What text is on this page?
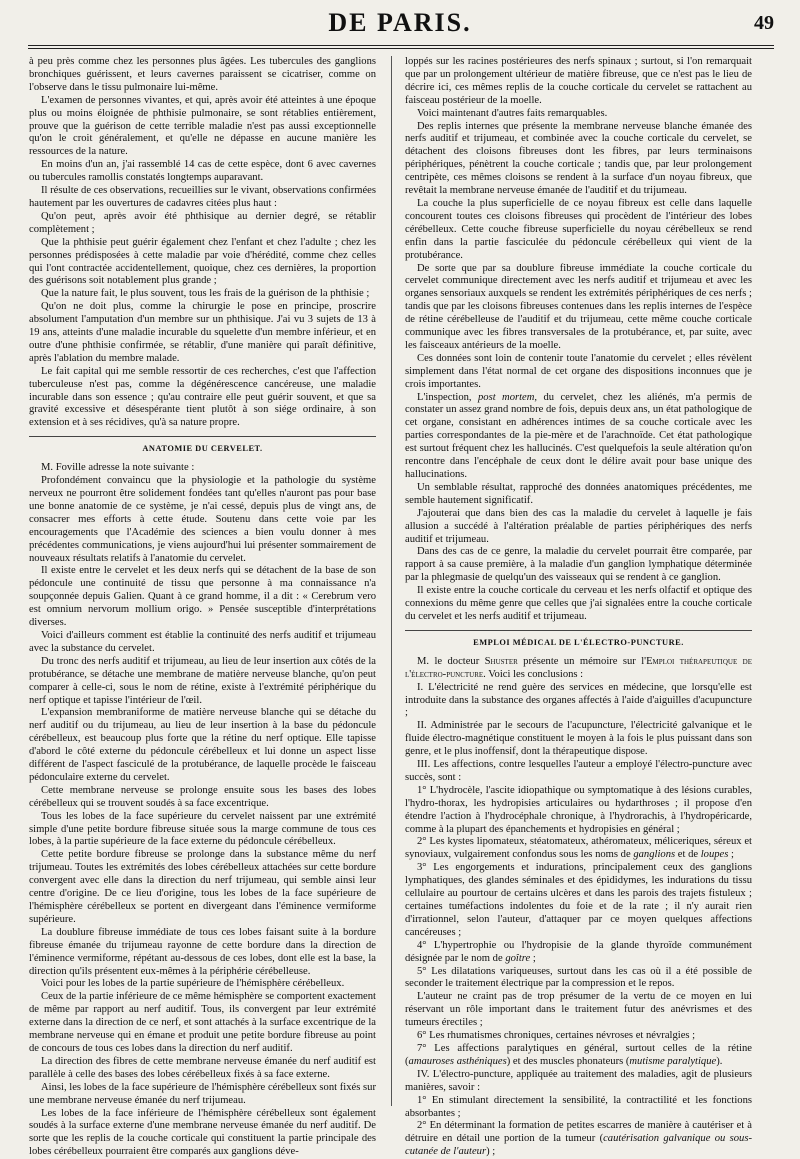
DE PARIS.	49

à peu près comme chez les personnes plus âgées. Les tubercules des ganglions bronchiques guérissent, et leurs cavernes paraissent se cicatriser, comme on l'observe dans le tissu pulmonaire lui-même.

L'examen de personnes vivantes, et qui, après avoir été atteintes à une époque plus ou moins éloignée de phthisie pulmonaire, se sont rétablies entièrement, prouve que la guérison de cette terrible maladie n'est pas aussi exceptionnelle qu'on le croit généralement, et qu'elle ne dépasse en aucune manière les ressources de la nature.

En moins d'un an, j'ai rassemblé 14 cas de cette espèce, dont 6 avec cavernes ou tubercules ramollis constatés longtemps auparavant.

Il résulte de ces observations, recueillies sur le vivant, observations confirmées hautement par les ouvertures de cadavres citées plus haut :

Qu'on peut, après avoir été phthisique au dernier degré, se rétablir complètement ;

Que la phthisie peut guérir également chez l'enfant et chez l'adulte ; chez les personnes prédisposées à cette maladie par voie d'hérédité, comme chez celles qui l'ont contractée accidentellement, quoique, chez ces dernières, la proportion des guérisons soit notablement plus grande ;

Que la nature fait, le plus souvent, tous les frais de la guérison de la phthisie ;

Qu'on ne doit plus, comme la chirurgie le pose en principe, proscrire absolument l'amputation d'un membre sur un phthisique. J'ai vu 3 sujets de 13 à 19 ans, atteints d'une maladie incurable du squelette d'un membre inférieur, et en outre d'une phthisie confirmée, se rétablir, d'une manière qui paraît définitive, après l'ablation du membre malade.

Le fait capital qui me semble ressortir de ces recherches, c'est que l'affection tuberculeuse n'est pas, comme la dégénérescence cancéreuse, une maladie incurable dans son essence ; qu'au contraire elle peut guérir souvent, et que sa gravité excessive et désespérante tient plutôt à son siége ordinaire, à son extension et à ses récidives, qu'à sa nature propre.

ANATOMIE DU CERVELET.

M. Foville adresse la note suivante :

Profondément convaincu que la physiologie et la pathologie du système nerveux ne pourront être solidement fondées tant qu'elles n'auront pas pour base une bonne anatomie de ce système, je n'ai cessé, depuis plus de vingt ans, de consacrer mes efforts à cette étude. Soutenu dans cette voie par les encouragements que l'Académie des sciences a bien voulu donner à mes précédentes communications, je viens aujourd'hui lui présenter sommairement de nouveaux résultats relatifs à l'anatomie du cervelet.

Il existe entre le cervelet et les deux nerfs qui se détachent de la base de son pédoncule une continuité de tissu que personne à ma connaissance n'a soupçonnée depuis Galien. Quant à ce grand homme, il a dit : « Cerebrum vero est omnium nervorum mollium origo. » Pensée susceptible d'interprétations diverses.

Voici d'ailleurs comment est établie la continuité des nerfs auditif et trijumeau avec la substance du cervelet.

Du tronc des nerfs auditif et trijumeau, au lieu de leur insertion aux côtés de la protubérance, se détache une membrane de matière nerveuse blanche, qu'on peut comparer à celle-ci, sous le nom de rétine, existe à l'extrémité périphérique du nerf optique et tapisse l'intérieur de l'œil.

L'expansion membraniforme de matière nerveuse blanche qui se détache du nerf auditif ou du trijumeau, au lieu de leur insertion à la base du pédoncule cérébelleux, est beaucoup plus forte que la rétine du nerf optique. Elle tapisse d'abord le côté externe du pédoncule cérébelleux et lui donne un aspect lisse différent de l'aspect fasciculé de la protubérance, de laquelle procède le faisceau pédonculaire externe du cervelet.

Cette membrane nerveuse se prolonge ensuite sous les bases des lobes cérébelleux qui se trouvent soudés à sa face excentrique.

Tous les lobes de la face supérieure du cervelet naissent par une extrémité simple d'une petite bordure fibreuse située sous la marge commune de tous ces lobes, à la partie supérieure de la face externe du pédoncule cérébelleux.

Cette petite bordure fibreuse se prolonge dans la substance même du nerf trijumeau. Toutes les extrémités des lobes cérébelleux attachées sur cette bordure convergent avec elle dans la direction du nerf trijumeau, qui semble ainsi leur centre d'origine. De ce lieu d'origine, tous les lobes de la face supérieure de l'hémisphère cérébelleux se portent en divergeant dans l'éminence vermiforme supérieure.

La doublure fibreuse immédiate de tous ces lobes faisant suite à la bordure fibreuse émanée du trijumeau rayonne de cette bordure dans la direction de l'éminence vermiforme, répétant au-dessous de ces lobes, dont elle est la base, la direction qu'ils présentent eux-mêmes à la périphérie cérébelleuse.

Voici pour les lobes de la partie supérieure de l'hémisphère cérébelleux.

Ceux de la partie inférieure de ce même hémisphère se comportent exactement de même par rapport au nerf auditif. Tous, ils convergent par leur extrémité externe dans la direction de ce nerf, et sont attachés à la surface excentrique de la membrane nerveuse qui en émane et produit une petite bordure fibreuse au point de concours de tous ces lobes dans la direction du nerf auditif.

La direction des fibres de cette membrane nerveuse émanée du nerf auditif est parallèle à celle des bases des lobes cérébelleux fixés à sa face externe.

Ainsi, les lobes de la face supérieure de l'hémisphère cérébelleux sont fixés sur une membrane nerveuse émanée du nerf trijumeau.

Les lobes de la face inférieure de l'hémisphère cérébelleux sont également soudés à la surface externe d'une membrane nerveuse émanée du nerf auditif. De sorte que les replis de la couche corticale qui constituent la partie principale des lobes cérébelleux pourraient être comparés aux ganglions déve-

loppés sur les racines postérieures des nerfs spinaux ; surtout, si l'on remarquait que par un prolongement ultérieur de matière fibreuse, que ce n'est pas le lieu de décrire ici, ces mêmes replis de la couche corticale du cervelet se rattachent au faisceau postérieur de la moelle.

Voici maintenant d'autres faits remarquables.

Des replis internes que présente la membrane nerveuse blanche émanée des nerfs auditif et trijumeau, et combinée avec la couche corticale du cervelet, se détachent des cloisons fibreuses dont les fibres, par leurs terminaisons périphériques, pénètrent la couche corticale ; tandis que, par leur prolongement centripète, ces mêmes cloisons se rendent à la surface d'un noyau fibreux, que revêtait la membrane nerveuse émanée de l'auditif et du trijumeau.

La couche la plus superficielle de ce noyau fibreux est celle dans laquelle concourent toutes ces cloisons fibreuses qui procèdent de l'intérieur des lobes cérébelleux. Cette couche fibreuse superficielle du noyau cérébelleux se rend enfin dans la partie fasciculée du pédoncule cérébelleux qui vient de la protubérance.

De sorte que par sa doublure fibreuse immédiate la couche corticale du cervelet communique directement avec les nerfs auditif et trijumeau et avec les organes sensoriaux auxquels se rendent les extrémités périphériques de ces nerfs ; tandis que par les cloisons fibreuses contenues dans les replis internes de l'espèce de rétine cérébelleuse de l'auditif et du trijumeau, cette même couche corticale communique avec les fibres transversales de la protubérance, et, par suite, avec les faisceaux antérieurs de la moelle.

Ces données sont loin de contenir toute l'anatomie du cervelet ; elles révèlent simplement dans l'état normal de cet organe des dispositions inconnues que je crois importantes.

L'inspection, post mortem, du cervelet, chez les aliénés, m'a permis de constater un assez grand nombre de fois, depuis deux ans, un état pathologique de cet organe, consistant en adhérences intimes de sa couche corticale avec les parties correspondantes de la pie-mère et de l'arachnoïde. Cet état pathologique est surtout fréquent chez les hallucinés. C'est quelquefois la seule altération qu'on rencontre dans l'encéphale de ceux dont le délire avait pour base unique des hallucinations.

Un semblable résultat, rapproché des données anatomiques précédentes, me semble hautement significatif.

J'ajouterai que dans bien des cas la maladie du cervelet à laquelle je fais allusion a succédé à l'altération préalable de parties périphériques des nerfs auditif et trijumeau.

Dans des cas de ce genre, la maladie du cervelet pourrait être comparée, par rapport à sa cause première, à la maladie d'un ganglion lymphatique déterminée par la phlegmasie de quelqu'un des vaisseaux qui se rendent à ce ganglion.

Il existe entre la couche corticale du cerveau et les nerfs olfactif et optique des connexions du même genre que celles que j'ai signalées entre la couche corticale du cervelet et les nerfs auditif et trijumeau.

EMPLOI MÉDICAL DE L'ÉLECTRO-PUNCTURE.

M. le docteur Shuster présente un mémoire sur l'Emploi thérapeutique de l'électro-puncture. Voici les conclusions :

I. L'électricité ne rend guère des services en médecine, que lorsqu'elle est introduite dans la substance des organes affectés à l'aide d'aiguilles d'acupuncture ;

II. Administrée par le secours de l'acupuncture, l'électricité galvanique et le fluide électro-magnétique constituent le moyen à la fois le plus puissant dans son genre, et le plus inoffensif, dont la thérapeutique dispose.

III. Les affections, contre lesquelles l'auteur a employé l'électro-puncture avec succès, sont :

1° L'hydrocèle, l'ascite idiopathique ou symptomatique à des lésions curables, l'hydro-thorax, les hydropisies articulaires ou hydarthroses ; il propose d'en étendre l'action à l'hydrocéphale chronique, à l'hydrorachis, à l'hydropéricarde, comme à la plupart des épanchements et hydropisies en général ;

2° Les kystes lipomateux, stéatomateux, athéromateux, méliceriques, séreux et synoviaux, vulgairement confondus sous les noms de ganglions et de loupes ;

3° Les engorgements et indurations, principalement ceux des ganglions lymphatiques, des glandes séminales et des épididymes, les indurations du tissu cellulaire au pourtour de certains ulcères et dans les parois des trajets fistuleux ; certaines tuméfactions indolentes du foie et de la rate ; il n'y aurait rien d'irrationnel, selon l'auteur, d'attaquer par ce moyen quelques affections cancéreuses ;

4° L'hypertrophie ou l'hydropisie de la glande thyroïde communément désignée par le nom de goître ;

5° Les dilatations variqueuses, surtout dans les cas où il a été possible de seconder le traitement électrique par la compression et le repos.

L'auteur ne craint pas de trop présumer de la vertu de ce moyen en lui réservant un rôle important dans le traitement futur des anévrismes et des tumeurs érectiles ;

6° Les rhumatismes chroniques, certaines névroses et névralgies ;

7° Les affections paralytiques en général, surtout celles de la rétine (amauroses asthéniques) et des muscles phonateurs (mutisme paralytique).

IV. L'électro-puncture, appliquée au traitement des maladies, agit de plusieurs manières, savoir :

1° En stimulant directement la sensibilité, la contractilité et les fonctions absorbantes ;

2° En déterminant la formation de petites escarres de manière à cautériser et à détruire en détail une portion de la tumeur (cautérisation galvanique ou sous-cutanée de l'auteur) ;
